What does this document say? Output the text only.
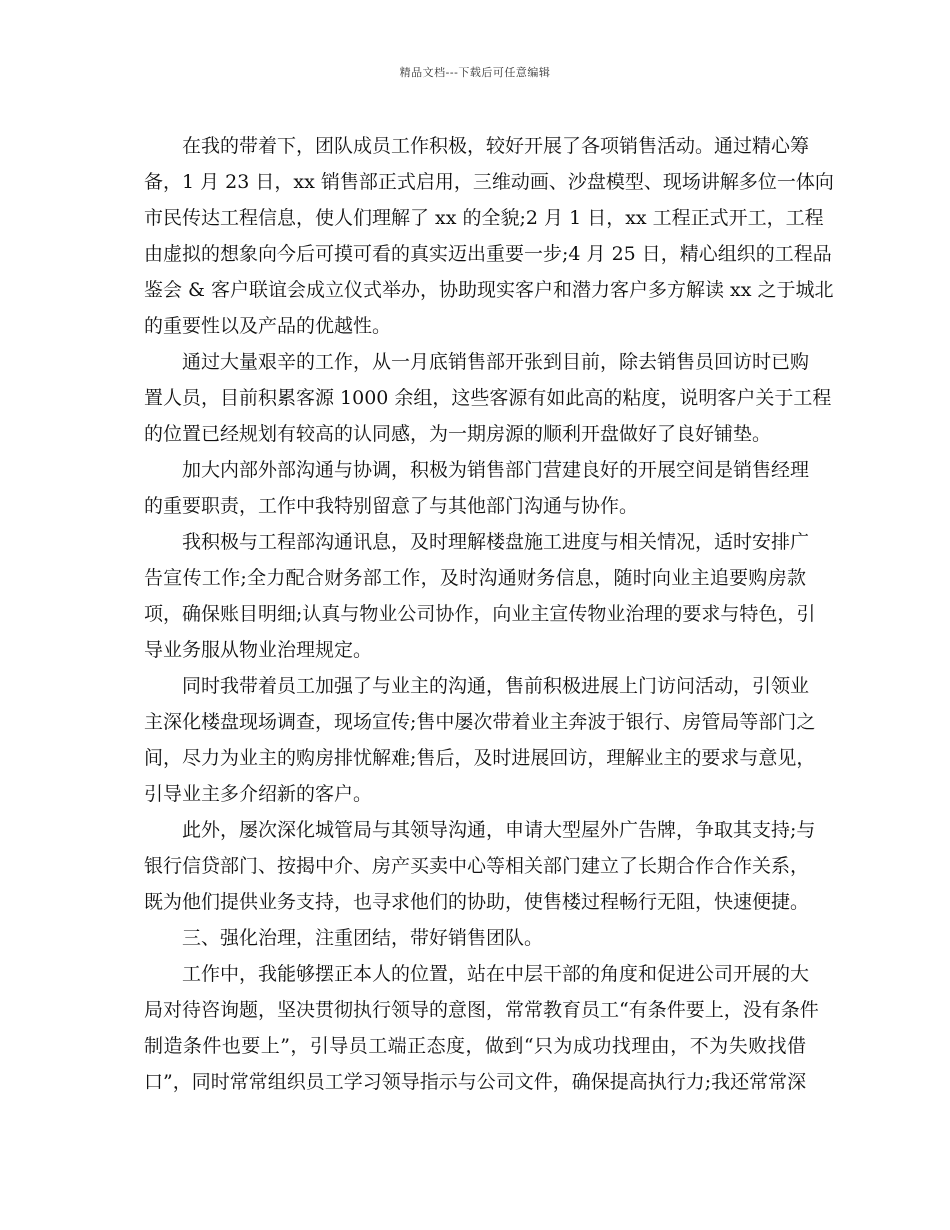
精品文档---下载后可任意编辑
在我的带着下，团队成员工作积极，较好开展了各项销售活动。通过精心筹
备，1 月 23 日，xx 销售部正式启用，三维动画、沙盘模型、现场讲解多位一体向
市民传达工程信息，使人们理解了 xx 的全貌;2 月 1 日，xx 工程正式开工，工程
由虚拟的想象向今后可摸可看的真实迈出重要一步;4 月 25 日，精心组织的工程品
鉴会 & 客户联谊会成立仪式举办，协助现实客户和潜力客户多方解读 xx 之于城北
的重要性以及产品的优越性。
通过大量艰辛的工作，从一月底销售部开张到目前，除去销售员回访时已购
置人员，目前积累客源 1000 余组，这些客源有如此高的粘度，说明客户关于工程
的位置已经规划有较高的认同感，为一期房源的顺利开盘做好了良好铺垫。
加大内部外部沟通与协调，积极为销售部门营建良好的开展空间是销售经理
的重要职责，工作中我特别留意了与其他部门沟通与协作。
我积极与工程部沟通讯息，及时理解楼盘施工进度与相关情况，适时安排广
告宣传工作;全力配合财务部工作，及时沟通财务信息，随时向业主追要购房款
项，确保账目明细;认真与物业公司协作，向业主宣传物业治理的要求与特色，引
导业务服从物业治理规定。
同时我带着员工加强了与业主的沟通，售前积极进展上门访问活动，引领业
主深化楼盘现场调查，现场宣传;售中屡次带着业主奔波于银行、房管局等部门之
间，尽力为业主的购房排忧解难;售后，及时进展回访，理解业主的要求与意见，
引导业主多介绍新的客户。
此外，屡次深化城管局与其领导沟通，申请大型屋外广告牌，争取其支持;与
银行信贷部门、按揭中介、房产买卖中心等相关部门建立了长期合作合作关系，
既为他们提供业务支持，也寻求他们的协助，使售楼过程畅行无阻，快速便捷。
三、强化治理，注重团结，带好销售团队。
工作中，我能够摆正本人的位置，站在中层干部的角度和促进公司开展的大
局对待咨询题，坚决贯彻执行领导的意图，常常教育员工“有条件要上，没有条件
制造条件也要上”，引导员工端正态度，做到“只为成功找理由，不为失败找借
口”，同时常常组织员工学习领导指示与公司文件，确保提高执行力;我还常常深
